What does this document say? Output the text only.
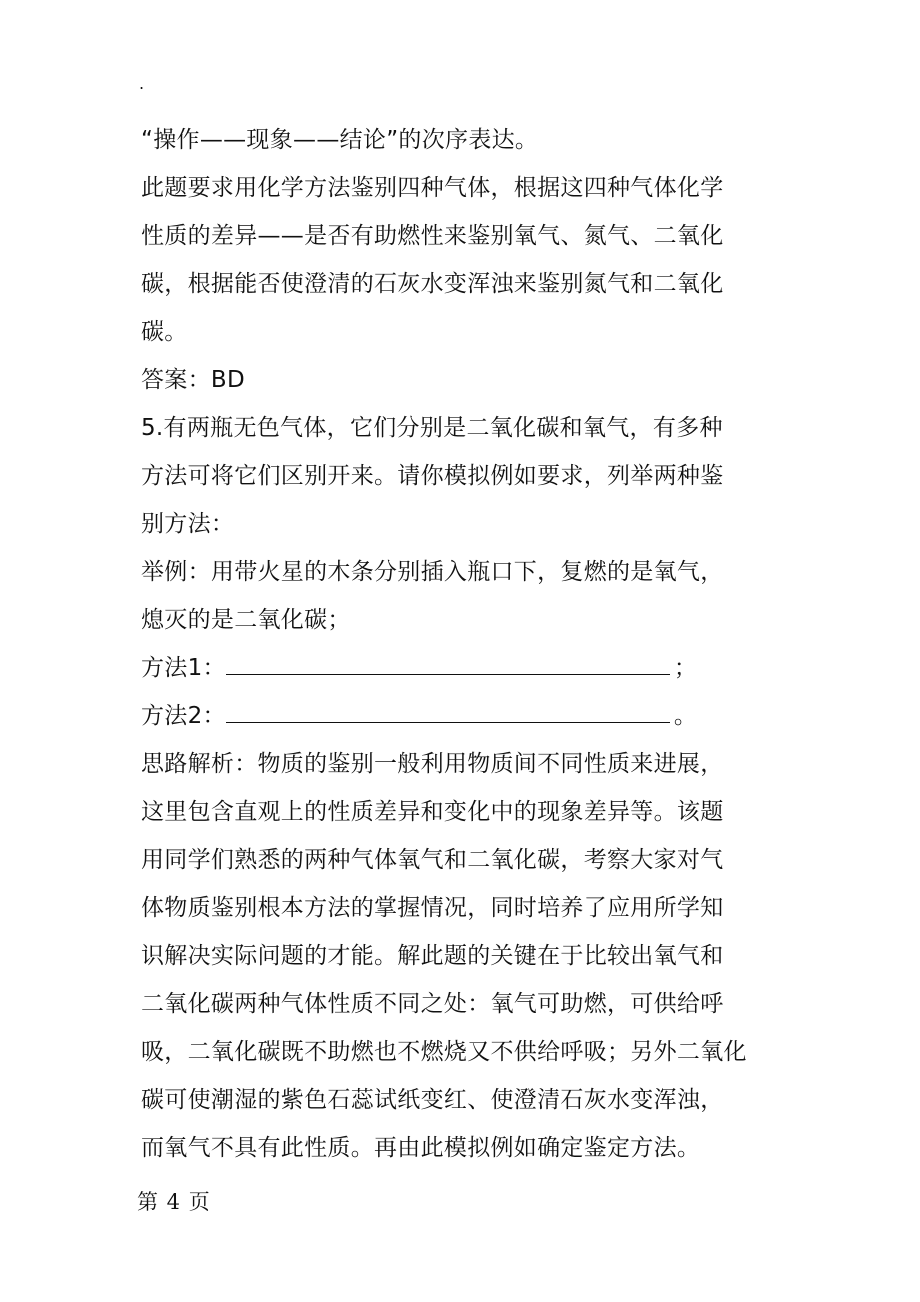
.
“操作——现象——结论”的次序表达。
此题要求用化学方法鉴别四种气体，根据这四种气体化学
性质的差异——是否有助燃性来鉴别氧气、氮气、二氧化
碳，根据能否使澄清的石灰水变浑浊来鉴别氮气和二氧化
碳。
答案：BD
5.有两瓶无色气体，它们分别是二氧化碳和氧气，有多种
方法可将它们区别开来。请你模拟例如要求，列举两种鉴
别方法：
举例：用带火星的木条分别插入瓶口下，复燃的是氧气，
熄灭的是二氧化碳；
方法1：	；
方法2：	。
思路解析：物质的鉴别一般利用物质间不同性质来进展，
这里包含直观上的性质差异和变化中的现象差异等。该题
用同学们熟悉的两种气体氧气和二氧化碳，考察大家对气
体物质鉴别根本方法的掌握情况，同时培养了应用所学知
识解决实际问题的才能。解此题的关键在于比较出氧气和
二氧化碳两种气体性质不同之处：氧气可助燃，可供给呼
吸，二氧化碳既不助燃也不燃烧又不供给呼吸；另外二氧化
碳可使潮湿的紫色石蕊试纸变红、使澄清石灰水变浑浊，
而氧气不具有此性质。再由此模拟例如确定鉴定方法。
第 4 页
